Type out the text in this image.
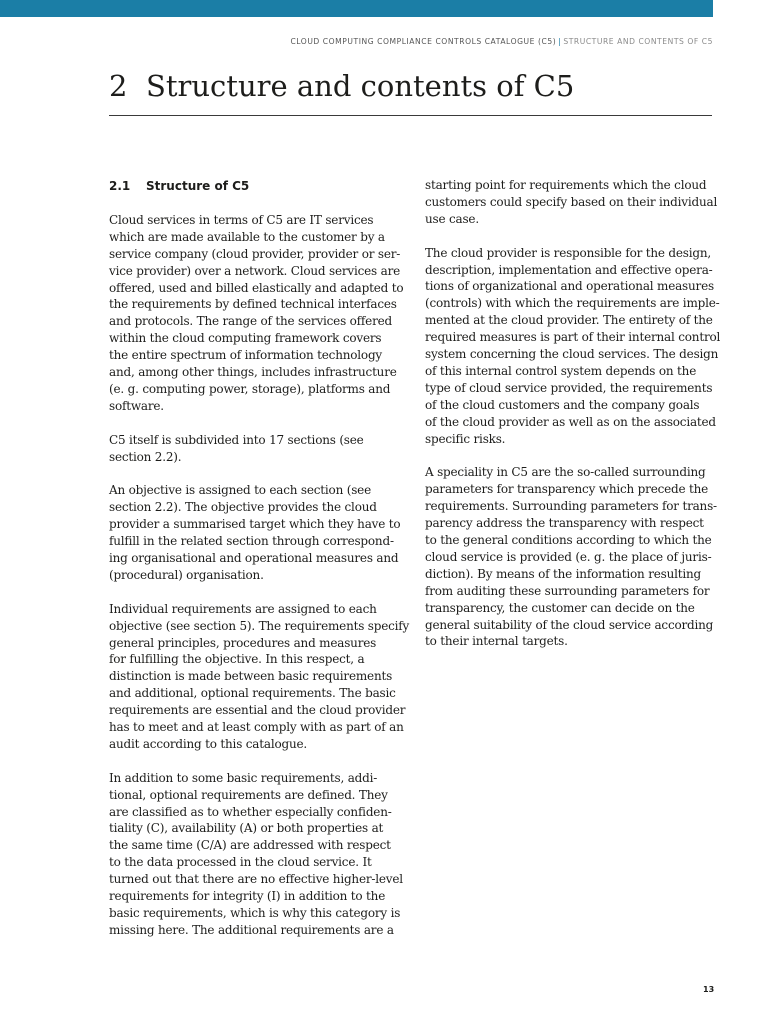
CLOUD COMPUTING COMPLIANCE CONTROLS CATALOGUE (C5) | STRUCTURE AND CONTENTS OF C5
2 Structure and contents of C5
2.1 Structure of C5

Cloud services in terms of C5 are IT services
which are made available to the customer by a
service company (cloud provider, provider or ser-
vice provider) over a network. Cloud services are
offered, used and billed elastically and adapted to
the requirements by defined technical interfaces
and protocols. The range of the services offered
within the cloud computing framework covers
the entire spectrum of information technology
and, among other things, includes infrastructure
(e. g. computing power, storage), platforms and
software.

C5 itself is subdivided into 17 sections (see
section 2.2).

An objective is assigned to each section (see
section 2.2). The objective provides the cloud
provider a summarised target which they have to
fulfill in the related section through correspond-
ing organisational and operational measures and
(procedural) organisation.

Individual requirements are assigned to each
objective (see section 5). The requirements specify
general principles, procedures and measures
for fulfilling the objective. In this respect, a
distinction is made between basic requirements
and additional, optional requirements. The basic
requirements are essential and the cloud provider
has to meet and at least comply with as part of an
audit according to this catalogue.

In addition to some basic requirements, addi-
tional, optional requirements are defined. They
are classified as to whether especially confiden-
tiality (C), availability (A) or both properties at
the same time (C/A) are addressed with respect
to the data processed in the cloud service. It
turned out that there are no effective higher-level
requirements for integrity (I) in addition to the
basic requirements, which is why this category is
missing here. The additional requirements are a

starting point for requirements which the cloud
customers could specify based on their individual
use case.

The cloud provider is responsible for the design,
description, implementation and effective opera-
tions of organizational and operational measures
(controls) with which the requirements are imple-
mented at the cloud provider. The entirety of the
required measures is part of their internal control
system concerning the cloud services. The design
of this internal control system depends on the
type of cloud service provided, the requirements
of the cloud customers and the company goals
of the cloud provider as well as on the associated
specific risks.

A speciality in C5 are the so-called surrounding
parameters for transparency which precede the
requirements. Surrounding parameters for trans-
parency address the transparency with respect
to the general conditions according to which the
cloud service is provided (e. g. the place of juris-
diction). By means of the information resulting
from auditing these surrounding parameters for
transparency, the customer can decide on the
general suitability of the cloud service according
to their internal targets.

13
